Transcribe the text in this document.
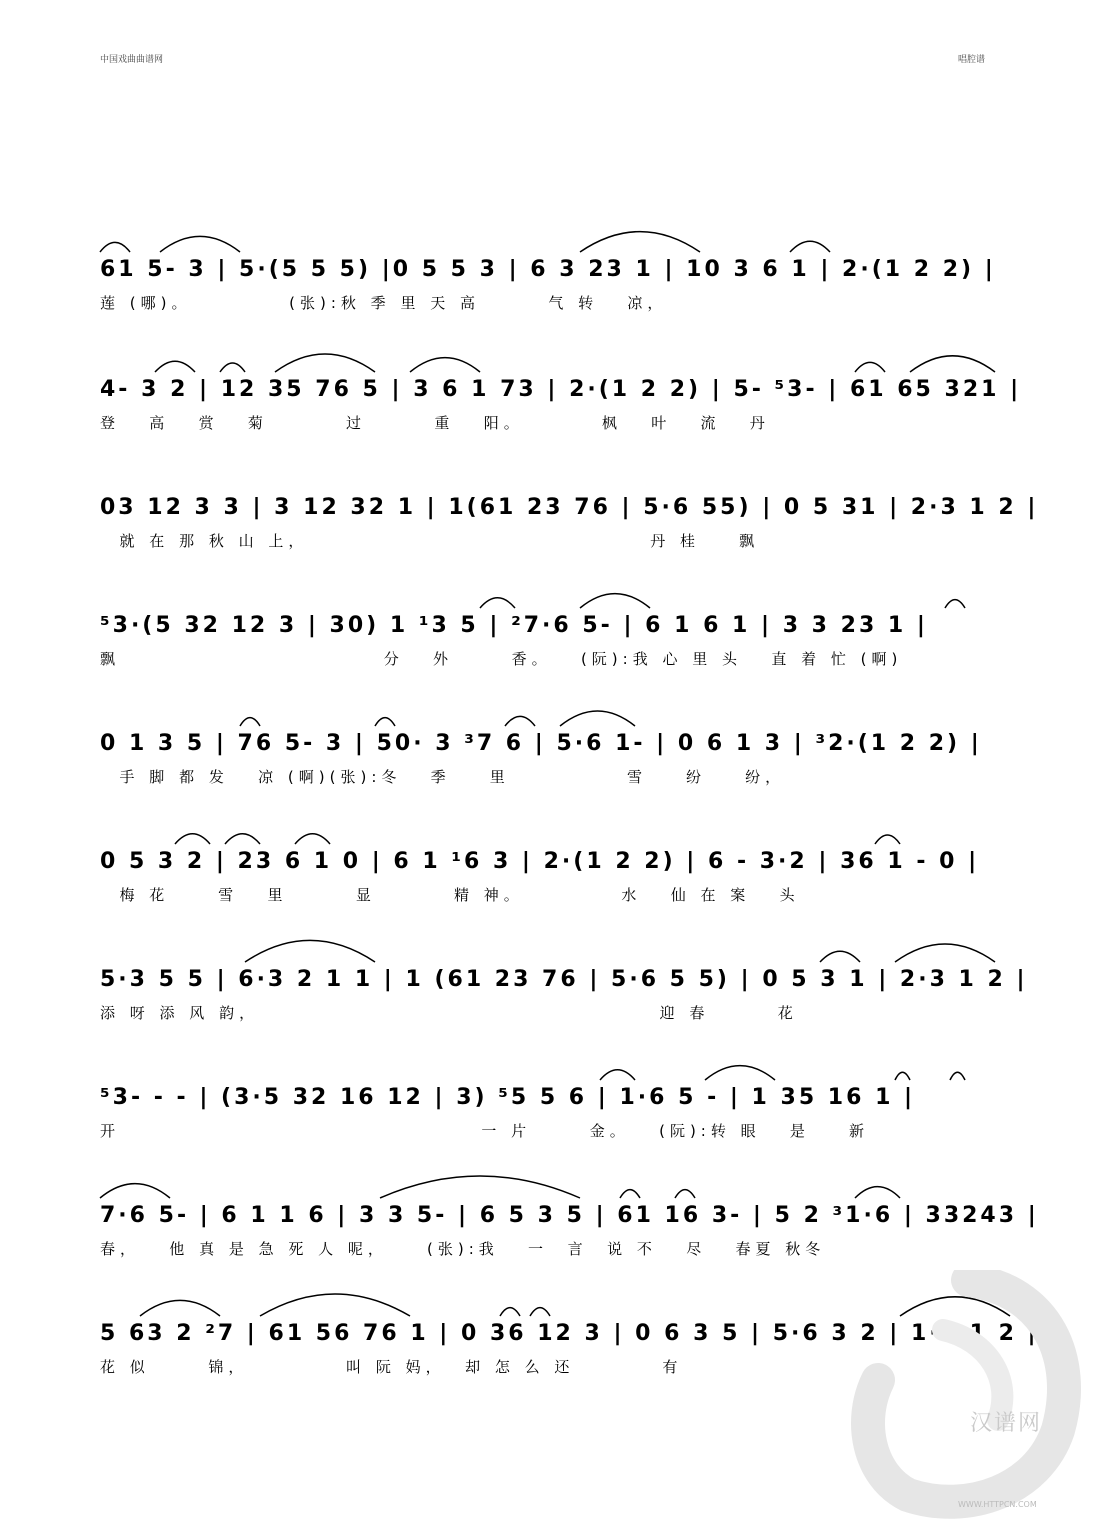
中国戏曲曲谱网	唱腔谱
61 5- 3 | 5·(5 5 5) |0 5 5 3 | 6 3 23 1 | 10 3 6 1 | 2·(1 2 2) |
莲 (哪)。          (张):秋 季 里 天 高       气 转   凉，
4- 3 2 | 12 35 76 5 | 3 6 1 73 | 2·(1 2 2) | 5- ⁵3- | 61 65 321 |
登   高   赏   菊        过       重   阳。        枫   叶   流   丹
03 12 3 3 | 3 12 32 1 | 1(61 23 76 | 5·6 55) | 0 5 31 | 2·3 1 2 |
就 在 那 秋 山 上，                                   丹 桂    飘
⁵3·(5 32 12 3 | 30) 1 ¹3 5 | ²7·6 5- | 6 1 6 1 | 3 3 23 1 |
飘                           分   外      香。   (阮):我 心 里 头   直 着 忙 (啊)
0 1 3 5 | 76 5- 3 | 50· 3 ³7 6 | 5·6 1- | 0 6 1 3 | ³2·(1 2 2) |
手 脚 都 发   凉 (啊)(张):冬   季    里            雪    纷    纷，
0 5 3 2 | 23 6 1 0 | 6 1 ¹6 3 | 2·(1 2 2) | 6 - 3·2 | 36 1 - 0 |
梅 花     雪   里       显        精 神。          水   仙 在 案   头
5·3 5 5 | 6·3 2 1 1 | 1 (61 23 76 | 5·6 5 5) | 0 5 3 1 | 2·3 1 2 |
添 呀 添 风 韵，                                         迎 春       花
⁵3- - - | (3·5 32 16 12 | 3) ⁵5 5 6 | 1·6 5 - | 1 35 16 1 |
开                                     一 片      金。   (阮):转 眼   是    新
7·6 5- | 6 1 1 6 | 3 3 5- | 6 5 3 5 | 61 16 3- | 5 2 ³1·6 | 33243 |
春，   他 真 是 急 死 人 呢，    (张):我   一  言  说 不   尽   春夏 秋冬
5 63 2 ²7 | 61 56 76 1 | 0 36 12 3 | 0 6 3 5 | 5·6 3 2 | 1·2 1 2 |
花 似      锦，          叫 阮 妈，  却 怎 么 还         有
汉谱网
WWW.HTTPCN.COM
